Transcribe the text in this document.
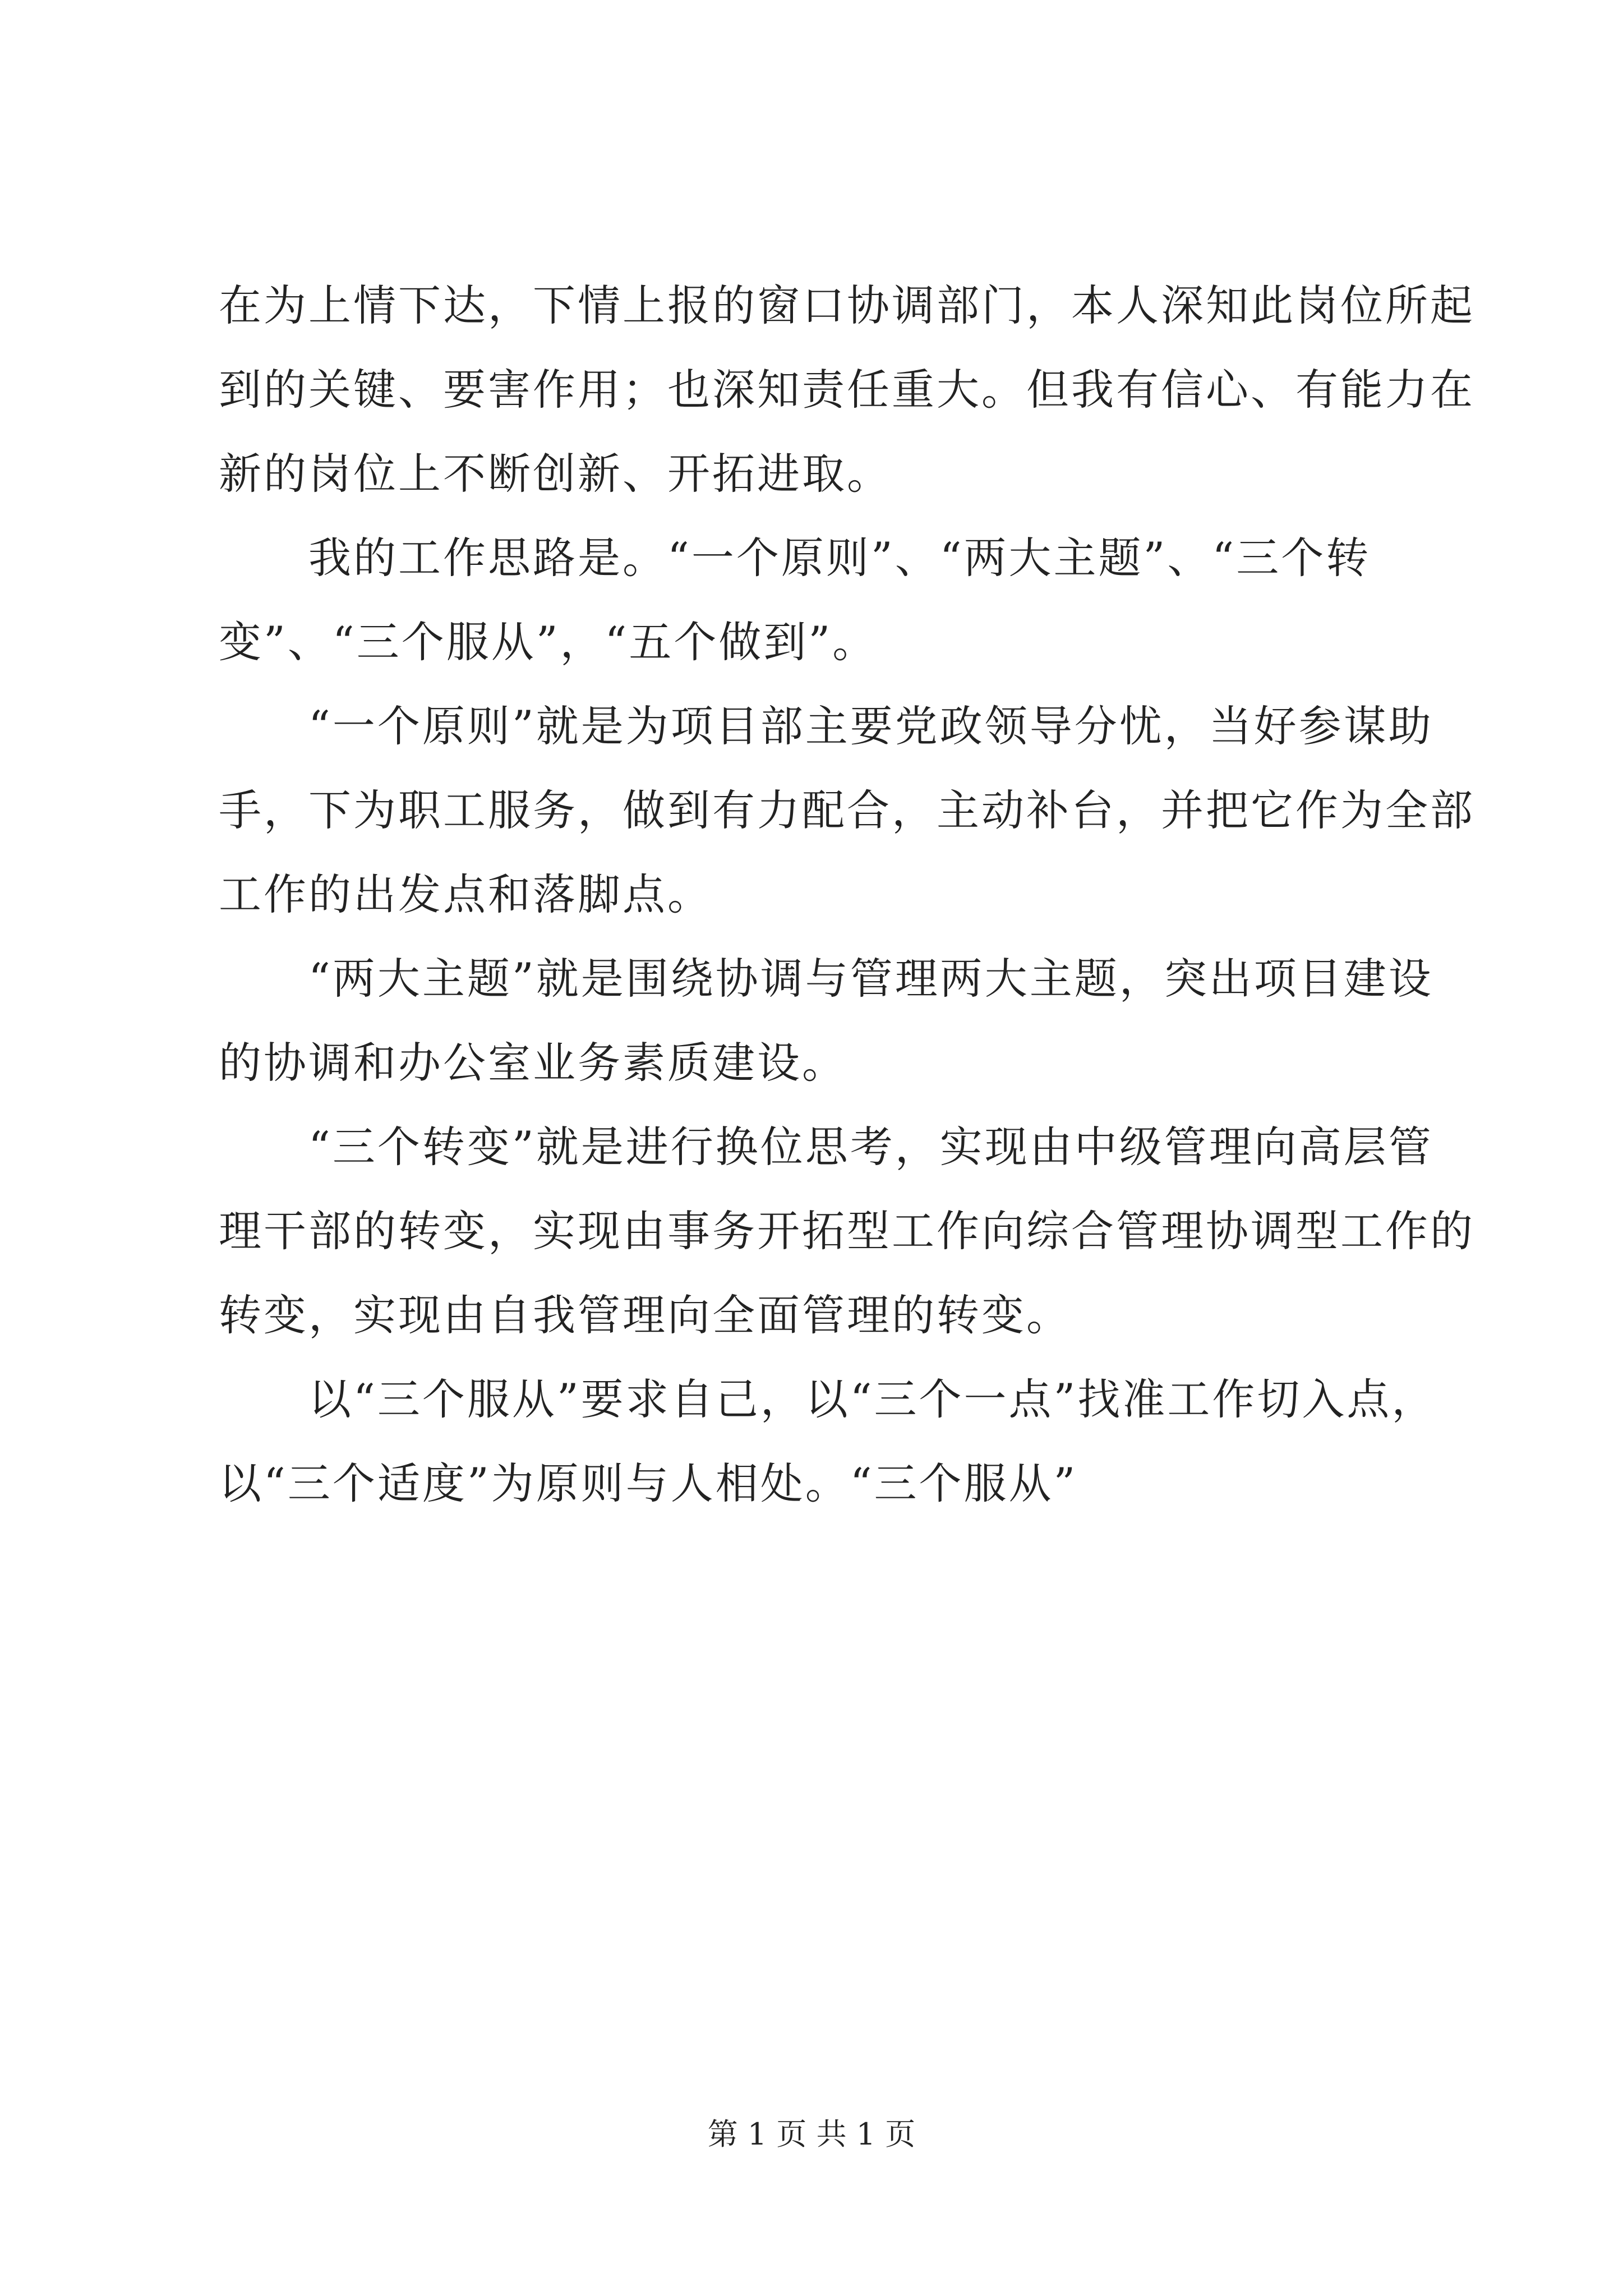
在为上情下达，下情上报的窗口协调部门，本人深知此岗位所起
到的关键、要害作用；也深知责任重大。但我有信心、有能力在
新的岗位上不断创新、开拓进取。
　　我的工作思路是。“一个原则”、“两大主题”、“三个转
变”、“三个服从”，“五个做到”。
　　“一个原则”就是为项目部主要党政领导分忧，当好参谋助
手，下为职工服务，做到有力配合，主动补台，并把它作为全部
工作的出发点和落脚点。
　　“两大主题”就是围绕协调与管理两大主题，突出项目建设
的协调和办公室业务素质建设。
　　“三个转变”就是进行换位思考，实现由中级管理向高层管
理干部的转变，实现由事务开拓型工作向综合管理协调型工作的
转变，实现由自我管理向全面管理的转变。
　　以“三个服从”要求自己，以“三个一点”找准工作切入点，
以“三个适度”为原则与人相处。“三个服从”
第 1 页 共 1 页
